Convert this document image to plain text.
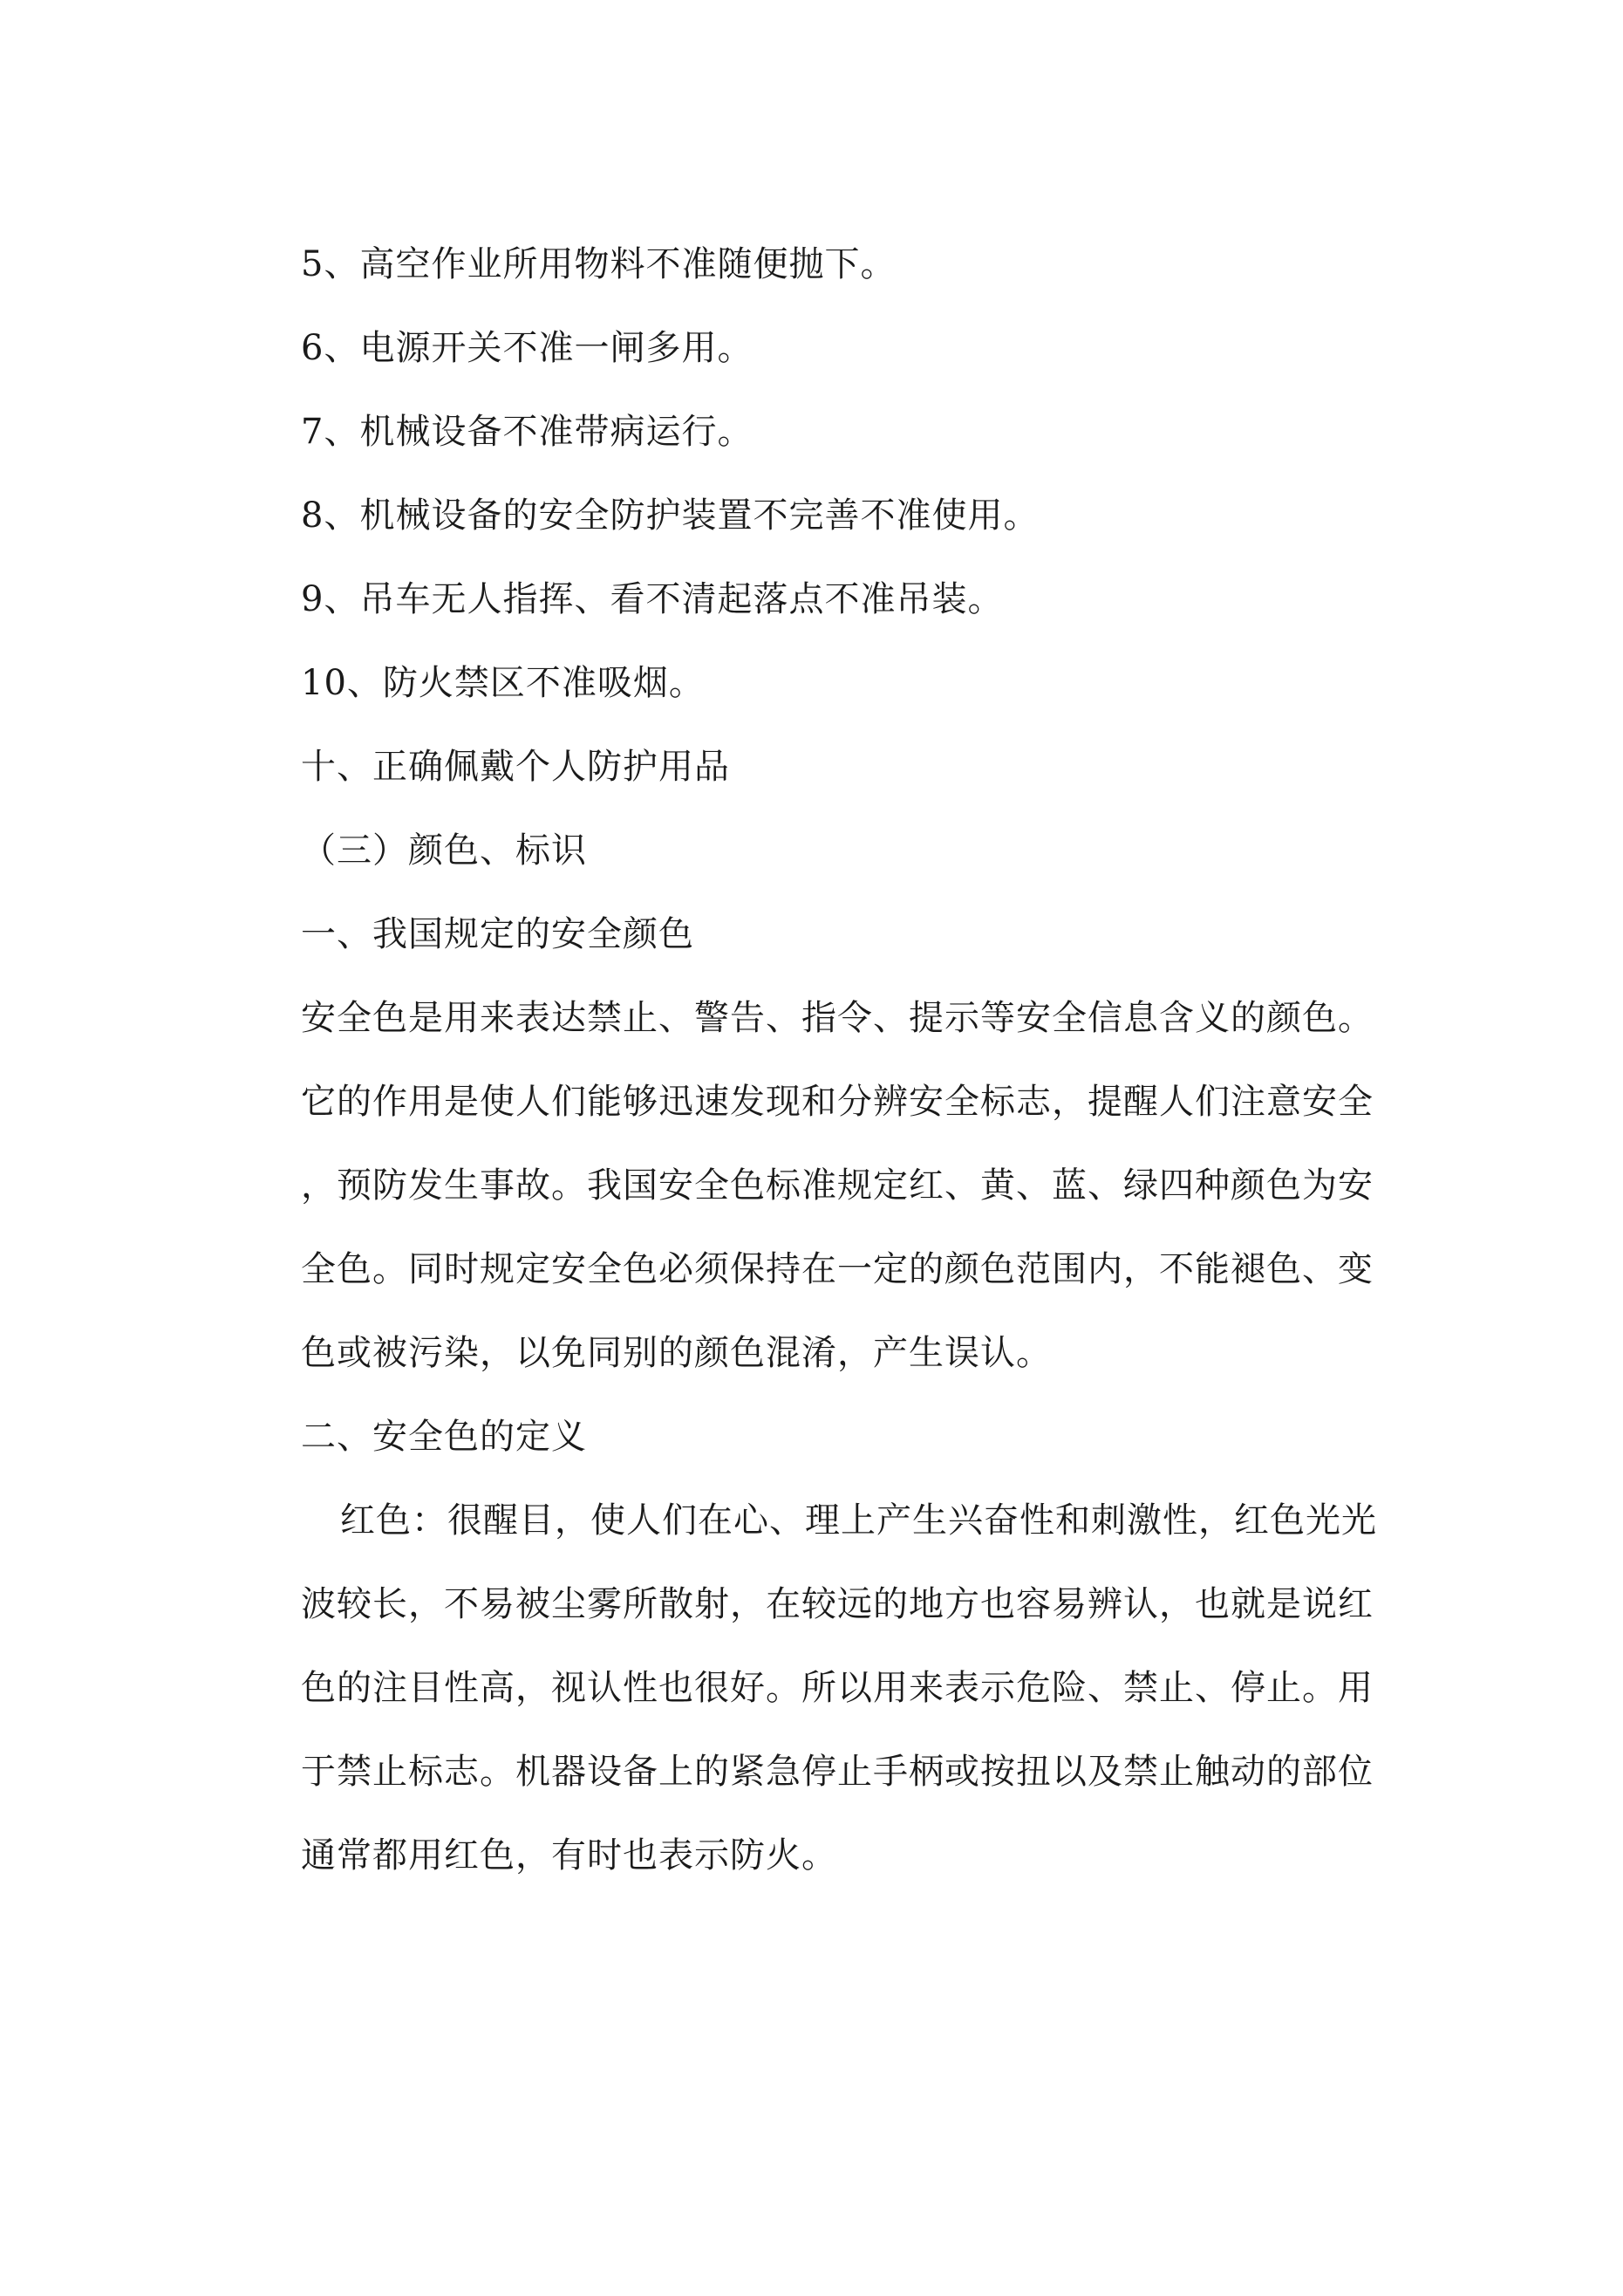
5、高空作业所用物料不准随便抛下。

6、电源开关不准一闸多用。

7、机械设备不准带病运行。

8、机械设备的安全防护装置不完善不准使用。

9、吊车无人指挥、看不清起落点不准吊装。

10、防火禁区不准吸烟。

十、正确佩戴个人防护用品

（三）颜色、标识

一、我国规定的安全颜色

安全色是用来表达禁止、警告、指令、提示等安全信息含义的颜色。

它的作用是使人们能够迅速发现和分辨安全标志，提醒人们注意安全

，预防发生事故。我国安全色标准规定红、黄、蓝、绿四种颜色为安

全色。同时规定安全色必须保持在一定的颜色范围内，不能褪色、变

色或被污染，以免同别的颜色混淆，产生误认。

二、安全色的定义

红色：很醒目，使人们在心、理上产生兴奋性和刺激性，红色光光

波较长，不易被尘雾所散射，在较远的地方也容易辨认，也就是说红

色的注目性高，视认性也很好。所以用来表示危险、禁止、停止。用

于禁止标志。机器设备上的紧急停止手柄或按扭以及禁止触动的部位

通常都用红色，有时也表示防火。
